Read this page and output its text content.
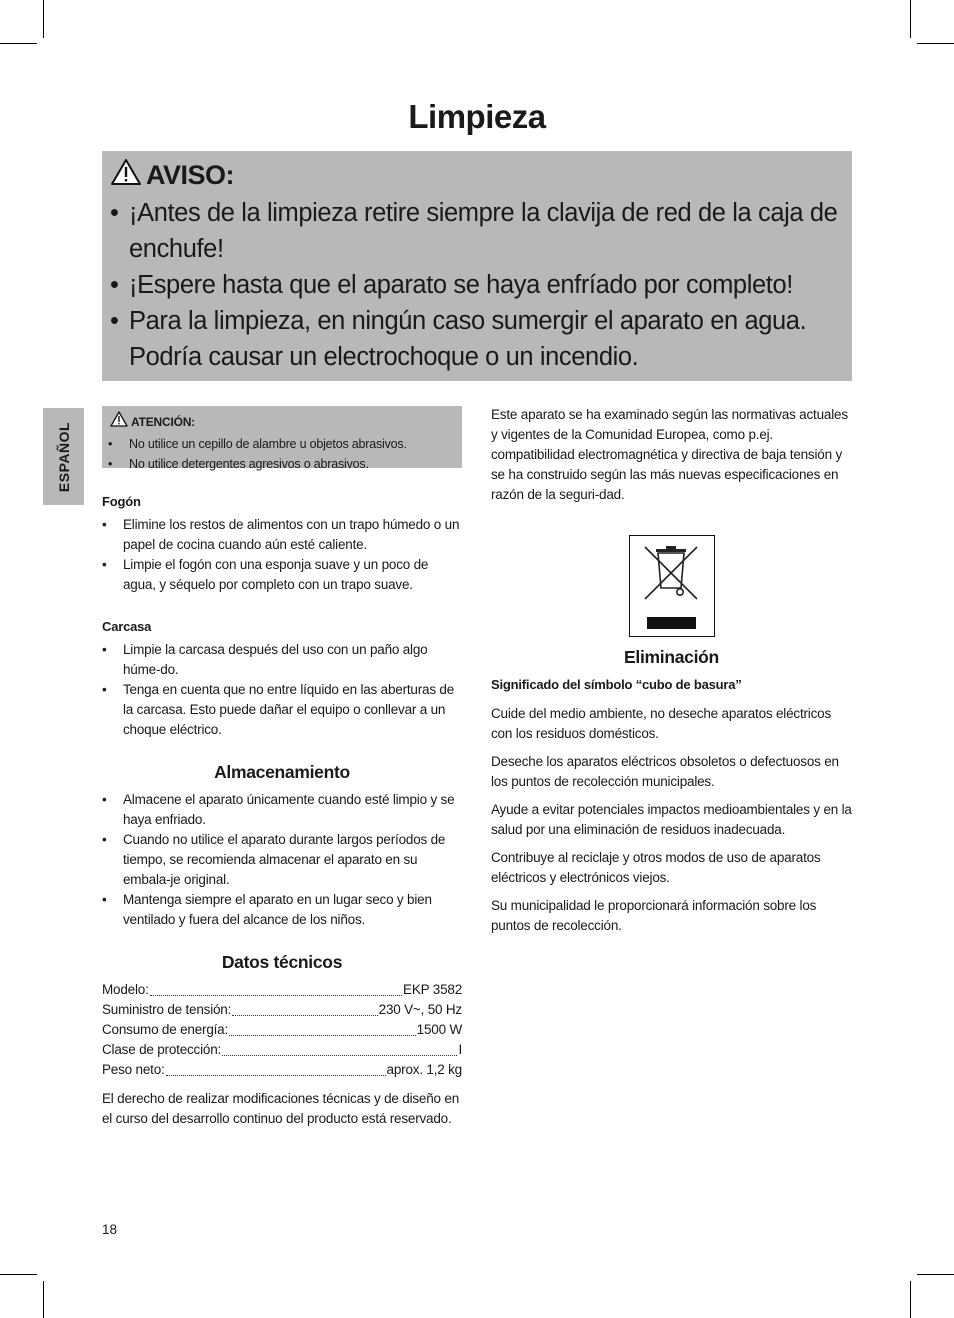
Limpieza
AVISO:
• ¡Antes de la limpieza retire siempre la clavija de red de la caja de enchufe!
• ¡Espere hasta que el aparato se haya enfríado por completo!
• Para la limpieza, en ningún caso sumergir el aparato en agua. Podría causar un electrochoque o un incendio.
ESPAÑOL	ATENCIÓN:
• No utilice un cepillo de alambre u objetos abrasivos.
• No utilice detergentes agresivos o abrasivos.

Fogón

• Elimine los restos de alimentos con un trapo húmedo o un papel de cocina cuando aún esté caliente.
• Limpie el fogón con una esponja suave y un poco de agua, y séquelo por completo con un trapo suave.

Carcasa

• Limpie la carcasa después del uso con un paño algo húme-do.
• Tenga en cuenta que no entre líquido en las aberturas de la carcasa. Esto puede dañar el equipo o conllevar a un choque eléctrico.

Almacenamiento

• Almacene el aparato únicamente cuando esté limpio y se haya enfriado.
• Cuando no utilice el aparato durante largos períodos de tiempo, se recomienda almacenar el aparato en su embala-je original.
• Mantenga siempre el aparato en un lugar seco y bien ventilado y fuera del alcance de los niños.

Datos técnicos

Modelo:	EKP 3582
Suministro de tensión:	230 V~, 50 Hz
Consumo de energía:	1500 W
Clase de protección:	I
Peso neto:	aprox. 1,2 kg

El derecho de realizar modificaciones técnicas y de diseño en el curso del desarrollo continuo del producto está reservado.

Este aparato se ha examinado según las normativas actuales y vigentes de la Comunidad Europea, como p.ej. compatibilidad electromagnética y directiva de baja tensión y se ha construido según las más nuevas especificaciones en razón de la seguri-dad.

Eliminación

Significado del símbolo “cubo de basura”

Cuide del medio ambiente, no deseche aparatos eléctricos con los residuos domésticos.

Deseche los aparatos eléctricos obsoletos o defectuosos en los puntos de recolección municipales.

Ayude a evitar potenciales impactos medioambientales y en la salud por una eliminación de residuos inadecuada.

Contribuye al reciclaje y otros modos de uso de aparatos eléctricos y electrónicos viejos.

Su municipalidad le proporcionará información sobre los puntos de recolección.

18
